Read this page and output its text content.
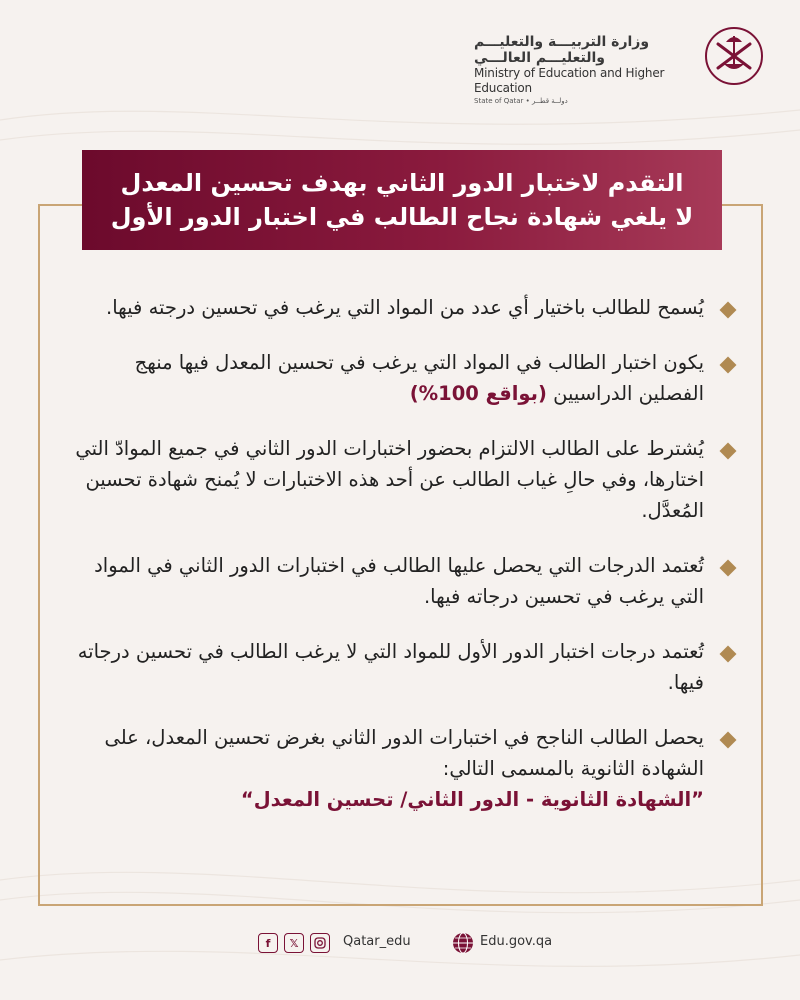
وزارة التربيـــة والتعليـــم والتعليـــم العالـــي
Ministry of Education and Higher Education
State of Qatar • دولــة قطــر
التقدم لاختبار الدور الثاني بهدف تحسين المعدل
لا يلغي شهادة نجاح الطالب في اختبار الدور الأول
يُسمح للطالب باختيار أي عدد من المواد التي يرغب في تحسين درجته فيها.
يكون اختبار الطالب في المواد التي يرغب في تحسين المعدل فيها منهج الفصلين الدراسيين (بواقع 100%)
يُشترط على الطالب الالتزام بحضور اختبارات الدور الثاني في جميع الموادّ التي اختارها، وفي حالِ غياب الطالب عن أحد هذه الاختبارات لا يُمنح شهادة تحسين المُعدَّل.
تُعتمد الدرجات التي يحصل عليها الطالب في اختبارات الدور الثاني في المواد التي يرغب في تحسين درجاته فيها.
تُعتمد درجات اختبار الدور الأول للمواد التي لا يرغب الطالب في تحسين درجاته فيها.
يحصل الطالب الناجح في اختبارات الدور الثاني بغرض تحسين المعدل، على الشهادة الثانوية بالمسمى التالي:
”الشهادة الثانوية - الدور الثاني/ تحسين المعدل“
f	𝕏	Qatar_edu	Edu.gov.qa
